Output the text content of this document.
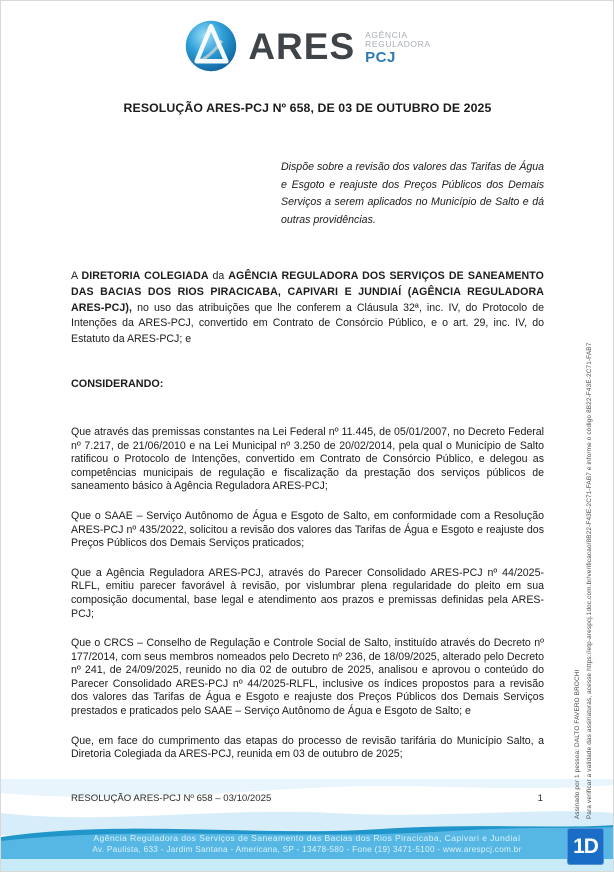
ARES AGÊNCIA
REGULADORA
PCJ
RESOLUÇÃO ARES-PCJ Nº 658, DE 03 DE OUTUBRO DE 2025
Dispõe sobre a revisão dos valores das Tarifas de Água e Esgoto e reajuste dos Preços Públicos dos Demais Serviços a serem aplicados no Município de Salto e dá outras providências.

A DIRETORIA COLEGIADA da AGÊNCIA REGULADORA DOS SERVIÇOS DE SANEAMENTO DAS BACIAS DOS RIOS PIRACICABA, CAPIVARI E JUNDIAÍ (AGÊNCIA REGULADORA ARES-PCJ), no uso das atribuições que lhe conferem a Cláusula 32ª, inc. IV, do Protocolo de Intenções da ARES-PCJ, convertido em Contrato de Consórcio Público, e o art. 29, inc. IV, do Estatuto da ARES-PCJ; e

CONSIDERANDO:

Que através das premissas constantes na Lei Federal nº 11.445, de 05/01/2007, no Decreto Federal nº 7.217, de 21/06/2010 e na Lei Municipal nº 3.250 de 20/02/2014, pela qual o Município de Salto ratificou o Protocolo de Intenções, convertido em Contrato de Consórcio Público, e delegou as competências municipais de regulação e fiscalização da prestação dos serviços públicos de saneamento básico à Agência Reguladora ARES-PCJ;

Que o SAAE – Serviço Autônomo de Água e Esgoto de Salto, em conformidade com a Resolução ARES-PCJ nº 435/2022, solicitou a revisão dos valores das Tarifas de Água e Esgoto e reajuste dos Preços Públicos dos Demais Serviços praticados;

Que a Agência Reguladora ARES-PCJ, através do Parecer Consolidado ARES-PCJ nº 44/2025-RLFL, emitiu parecer favorável à revisão, por vislumbrar plena regularidade do pleito em sua composição documental, base legal e atendimento aos prazos e premissas definidas pela ARES-PCJ;

Que o CRCS – Conselho de Regulação e Controle Social de Salto, instituído através do Decreto nº 177/2014, com seus membros nomeados pelo Decreto nº 236, de 18/09/2025, alterado pelo Decreto nº 241, de 24/09/2025, reunido no dia 02 de outubro de 2025, analisou e aprovou o conteúdo do Parecer Consolidado ARES-PCJ nº 44/2025-RLFL, inclusive os índices propostos para a revisão dos valores das Tarifas de Água e Esgoto e reajuste dos Preços Públicos dos Demais Serviços prestados e praticados pelo SAAE – Serviço Autônomo de Água e Esgoto de Salto; e

Que, em face do cumprimento das etapas do processo de revisão tarifária do Município Salto, a Diretoria Colegiada da ARES-PCJ, reunida em 03 de outubro de 2025;

RESOLUÇÃO ARES-PCJ Nº 658 – 03/10/2025	1
Agência Reguladora dos Serviços de Saneamento das Bacias dos Rios Piracicaba, Capivari e Jundiaí
Av. Paulista, 633 - Jardim Santana - Americana, SP - 13478-580 - Fone (19) 3471-5100 - www.arespcj.com.br	1D
Assinado por 1 pessoa: DALTO FAVERO BROCHI Para verificar a validade das assinaturas, acesse https://etp-arespcj.1doc.com.br/verificacao/8B22-F43E-2C71-FAB7 e informe o código 8B22-F43E-2C71-FAB7
